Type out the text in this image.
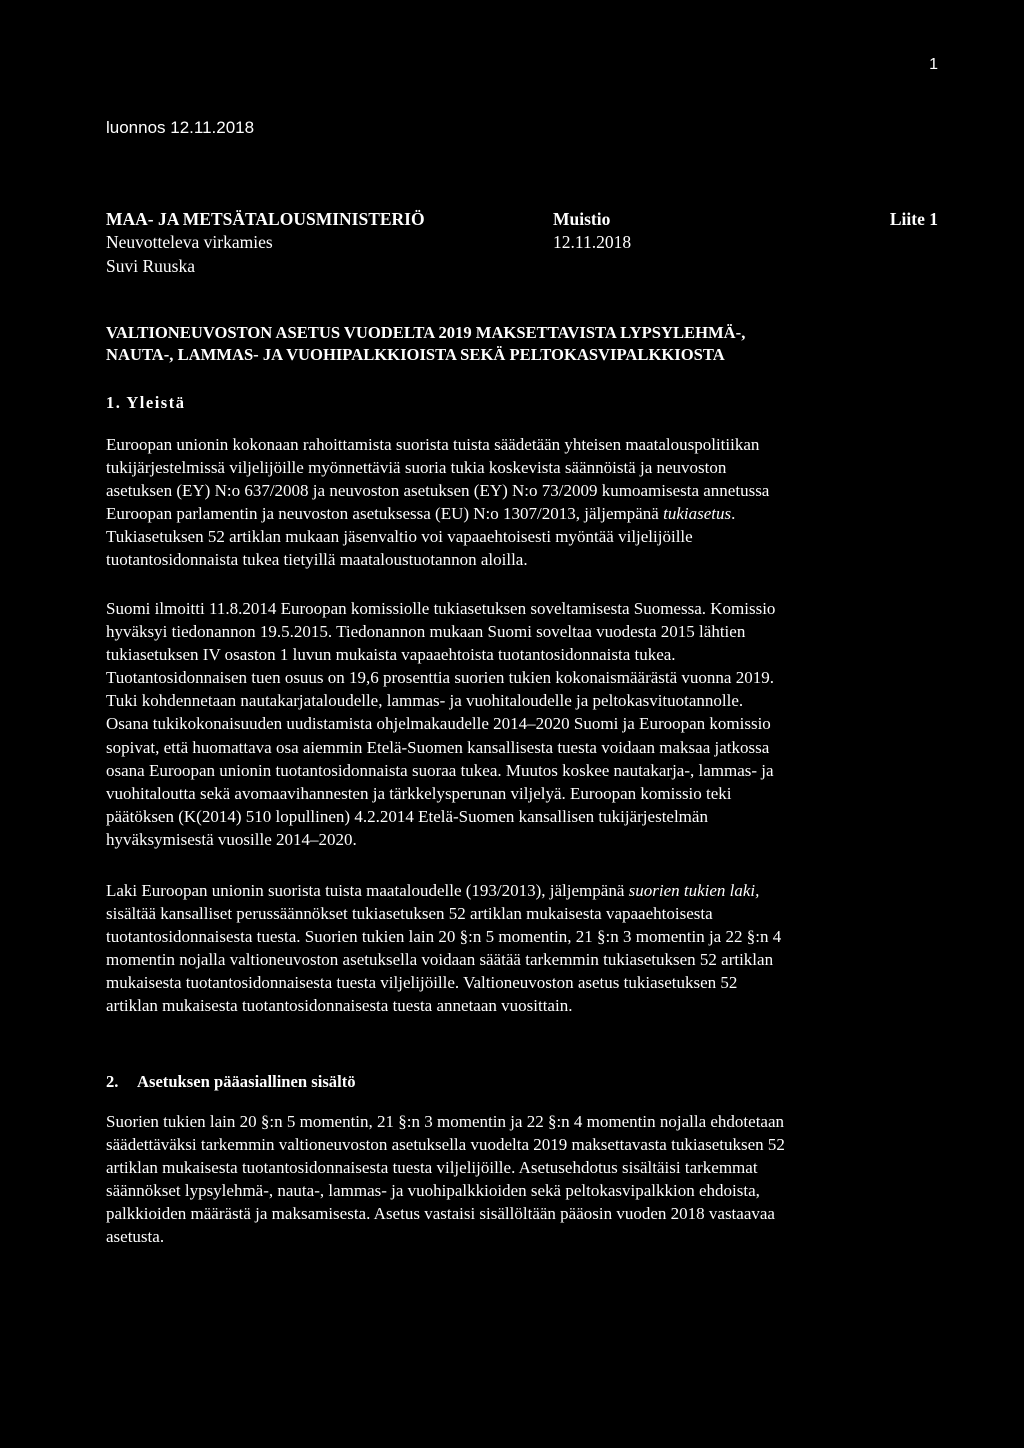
1
luonnos 12.11.2018
MAA- JA METSÄTALOUSMINISTERIÖ
Neuvotteleva virkamies
Suvi Ruuska
Muistio
12.11.2018
Liite 1
VALTIONEUVOSTON ASETUS VUODELTA 2019 MAKSETTAVISTA LYPSYLEHMÄ-,
NAUTA-, LAMMAS- JA VUOHIPALKKIOISTA SEKÄ PELTOKASVIPALKKIOSTA
1. Yleistä
Euroopan unionin kokonaan rahoittamista suorista tuista säädetään yhteisen maatalouspolitiikan
tukijärjestelmissä viljelijöille myönnettäviä suoria tukia koskevista säännöistä ja neuvoston
asetuksen (EY) N:o 637/2008 ja neuvoston asetuksen (EY) N:o 73/2009 kumoamisesta annetussa
Euroopan parlamentin ja neuvoston asetuksessa (EU) N:o 1307/2013, jäljempänä tukiasetus.
Tukiasetuksen 52 artiklan mukaan jäsenvaltio voi vapaaehtoisesti myöntää viljelijöille
tuotantosidonnaista tukea tietyillä maataloustuotannon aloilla.
Suomi ilmoitti 11.8.2014 Euroopan komissiolle tukiasetuksen soveltamisesta Suomessa. Komissio
hyväksyi tiedonannon 19.5.2015. Tiedonannon mukaan Suomi soveltaa vuodesta 2015 lähtien
tukiasetuksen IV osaston 1 luvun mukaista vapaaehtoista tuotantosidonnaista tukea.
Tuotantosidonnaisen tuen osuus on 19,6 prosenttia suorien tukien kokonaismäärästä vuonna 2019.
Tuki kohdennetaan nautakarjataloudelle, lammas- ja vuohitaloudelle ja peltokasvituotannolle.
Osana tukikokonaisuuden uudistamista ohjelmakaudelle 2014–2020 Suomi ja Euroopan komissio
sopivat, että huomattava osa aiemmin Etelä-Suomen kansallisesta tuesta voidaan maksaa jatkossa
osana Euroopan unionin tuotantosidonnaista suoraa tukea. Muutos koskee nautakarja-, lammas- ja
vuohitaloutta sekä avomaavihannesten ja tärkkelysperunan viljelyä. Euroopan komissio teki
päätöksen (K(2014) 510 lopullinen) 4.2.2014 Etelä-Suomen kansallisen tukijärjestelmän
hyväksymisestä vuosille 2014–2020.
Laki Euroopan unionin suorista tuista maataloudelle (193/2013), jäljempänä suorien tukien laki,
sisältää kansalliset perussäännökset tukiasetuksen 52 artiklan mukaisesta vapaaehtoisesta
tuotantosidonnaisesta tuesta. Suorien tukien lain 20 §:n 5 momentin, 21 §:n 3 momentin ja 22 §:n 4
momentin nojalla valtioneuvoston asetuksella voidaan säätää tarkemmin tukiasetuksen 52 artiklan
mukaisesta tuotantosidonnaisesta tuesta viljelijöille. Valtioneuvoston asetus tukiasetuksen 52
artiklan mukaisesta tuotantosidonnaisesta tuesta annetaan vuosittain.
2. Asetuksen pääasiallinen sisältö
Suorien tukien lain 20 §:n 5 momentin, 21 §:n 3 momentin ja 22 §:n 4 momentin nojalla ehdotetaan
säädettäväksi tarkemmin valtioneuvoston asetuksella vuodelta 2019 maksettavasta tukiasetuksen 52
artiklan mukaisesta tuotantosidonnaisesta tuesta viljelijöille. Asetusehdotus sisältäisi tarkemmat
säännökset lypsylehmä-, nauta-, lammas- ja vuohipalkkioiden sekä peltokasvipalkkion ehdoista,
palkkioiden määrästä ja maksamisesta. Asetus vastaisi sisällöltään pääosin vuoden 2018 vastaavaa
asetusta.
